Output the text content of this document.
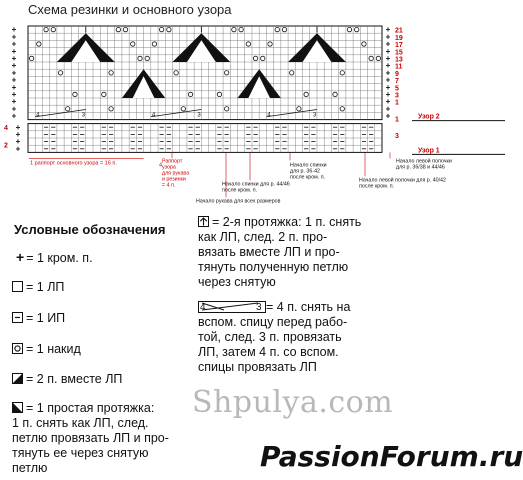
Схема резинки и основного узора
4	3	4	3	4	3
+	+
+	+
+	+
+	+
+	+
+	+
+	+
+	+
+	+
+	+
+	+
+	+
+	+
+
+
+
+
21
19
17
15
13
11
9
7
5
3
1
1
3
Узор 2
Узор 1
4
2
1 раппорт основного узора = 16 п.	Раппорт
узора
для рукава
и резинки
= 4 п.
4	Начало спинки
для р. 36-42
после кром. п.
Начало спинки для р. 44/46
после кром. п.
Начало рукава для всех размеров
Начало левой полочки
для р. 36/38 и 44/46
Начало левой полочки для р. 40/42
после кром. п.
Условные обозначения
+ = 1 кром. п.
= 1 ЛП
= 1 ИП
= 1 накид
= 2 п. вместе ЛП
= 1 простая протяжка:
1 п. снять как ЛП, след.
петлю провязать ЛП и про-
тянуть ее через снятую
петлю
= 2-я протяжка: 1 п. снять
как ЛП, след. 2 п. про-
вязать вместе ЛП и про-
тянуть полученную петлю
через снятую
4	3 = 4 п. снять на
вспом. спицу перед рабо-
той, след. 3 п. провязать
ЛП, затем 4 п. со вспом.
спицы провязать ЛП
Shpulya.com
PassionForum.ru
